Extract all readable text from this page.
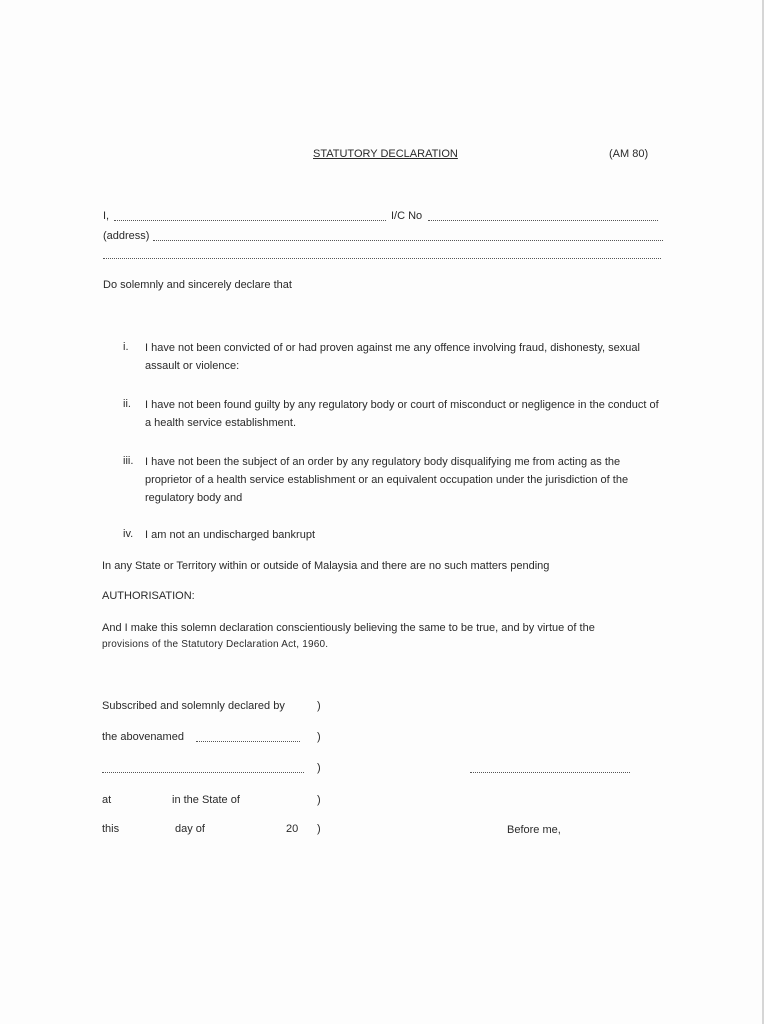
STATUTORY DECLARATION	(AM 80)
I,	I/C No
(address)
Do solemnly and sincerely declare that
i. I have not been convicted of or had proven against me any offence involving fraud, dishonesty, sexual assault or violence:
ii. I have not been found guilty by any regulatory body or court of misconduct or negligence in the conduct of a health service establishment.
iii. I have not been the subject of an order by any regulatory body disqualifying me from acting as the proprietor of a health service establishment or an equivalent occupation under the jurisdiction of the regulatory body and
iv. I am not an undischarged bankrupt
In any State or Territory within or outside of Malaysia and there are no such matters pending
AUTHORISATION:
And I make this solemn declaration conscientiously believing the same to be true, and by virtue of the
provisions of the Statutory Declaration Act, 1960.
Subscribed and solemnly declared by	)
the abovenamed	)
)
at	in the State of	)
this	day of	20 )	Before me,
